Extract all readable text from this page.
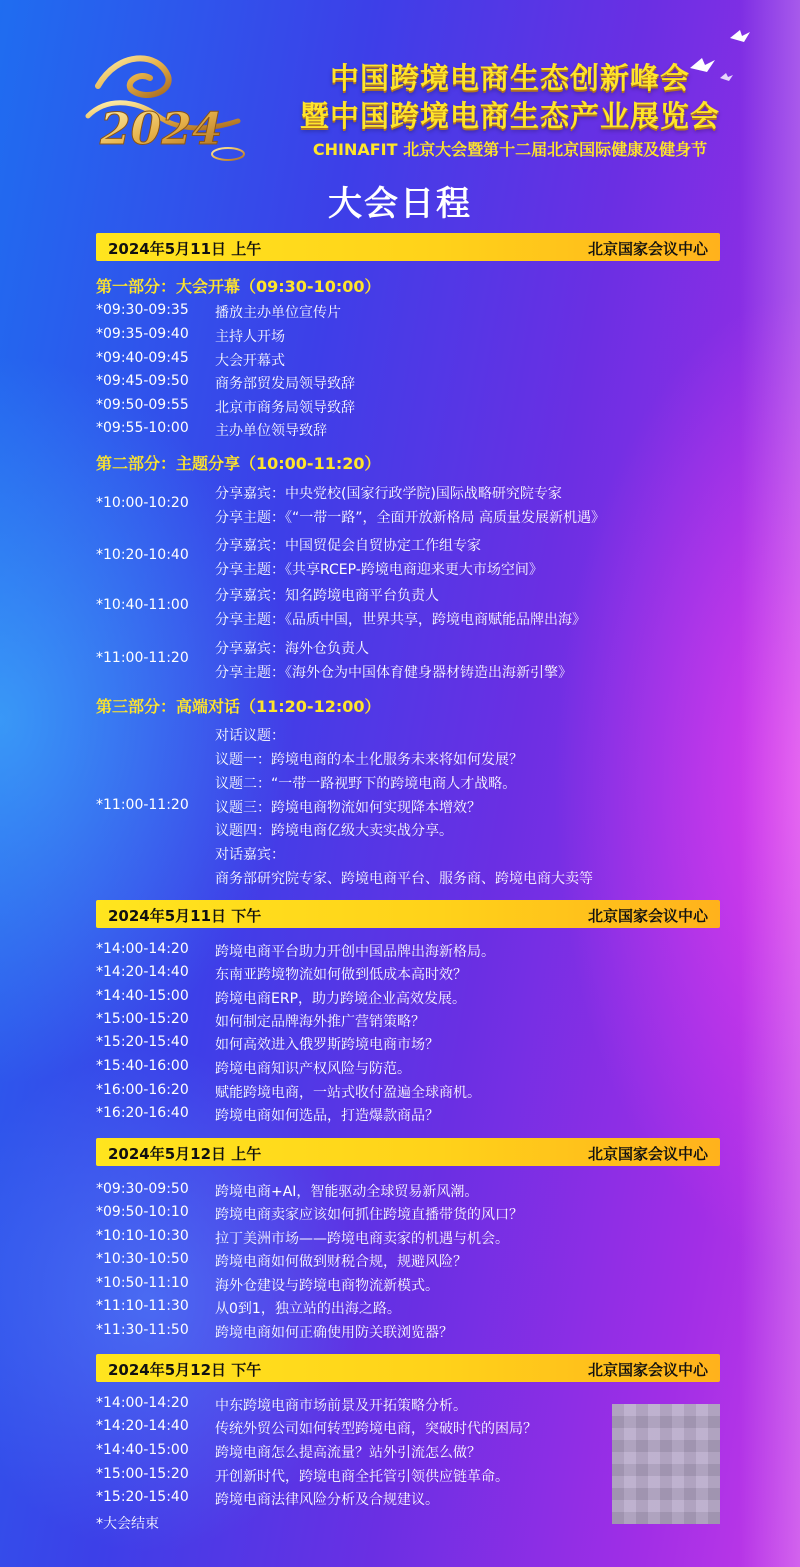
2024
中国跨境电商生态创新峰会
暨中国跨境电商生态产业展览会
CHINAFIT 北京大会暨第十二届北京国际健康及健身节
大会日程
2024年5月11日 上午	北京国家会议中心
第一部分：大会开幕（09:30-10:00）
*09:30-09:35 播放主办单位宣传片
*09:35-09:40 主持人开场
*09:40-09:45 大会开幕式
*09:45-09:50 商务部贸发局领导致辞
*09:50-09:55 北京市商务局领导致辞
*09:55-10:00 主办单位领导致辞
第二部分：主题分享（10:00-11:20）
*10:00-10:20
分享嘉宾：中央党校(国家行政学院)国际战略研究院专家
分享主题：《“一带一路”，全面开放新格局 高质量发展新机遇》
*10:20-10:40
分享嘉宾：中国贸促会自贸协定工作组专家
分享主题：《共享RCEP-跨境电商迎来更大市场空间》
*10:40-11:00
分享嘉宾：知名跨境电商平台负责人
分享主题：《品质中国，世界共享，跨境电商赋能品牌出海》
*11:00-11:20
分享嘉宾：海外仓负责人
分享主题：《海外仓为中国体育健身器材铸造出海新引擎》
第三部分：高端对话（11:20-12:00）
*11:00-11:20
对话议题：
议题一：跨境电商的本土化服务未来将如何发展？
议题二：“一带一路视野下的跨境电商人才战略。
议题三：跨境电商物流如何实现降本增效？
议题四：跨境电商亿级大卖实战分享。
对话嘉宾：
商务部研究院专家、跨境电商平台、服务商、跨境电商大卖等
2024年5月11日 下午	北京国家会议中心
*14:00-14:20 跨境电商平台助力开创中国品牌出海新格局。
*14:20-14:40 东南亚跨境物流如何做到低成本高时效？
*14:40-15:00 跨境电商ERP，助力跨境企业高效发展。
*15:00-15:20 如何制定品牌海外推广营销策略？
*15:20-15:40 如何高效进入俄罗斯跨境电商市场？
*15:40-16:00 跨境电商知识产权风险与防范。
*16:00-16:20 赋能跨境电商，一站式收付盈遍全球商机。
*16:20-16:40 跨境电商如何选品，打造爆款商品？
2024年5月12日 上午	北京国家会议中心
*09:30-09:50 跨境电商+AI，智能驱动全球贸易新风潮。
*09:50-10:10 跨境电商卖家应该如何抓住跨境直播带货的风口？
*10:10-10:30 拉丁美洲市场——跨境电商卖家的机遇与机会。
*10:30-10:50 跨境电商如何做到财税合规，规避风险？
*10:50-11:10 海外仓建设与跨境电商物流新模式。
*11:10-11:30 从0到1，独立站的出海之路。
*11:30-11:50 跨境电商如何正确使用防关联浏览器？
2024年5月12日 下午	北京国家会议中心
*14:00-14:20 中东跨境电商市场前景及开拓策略分析。
*14:20-14:40 传统外贸公司如何转型跨境电商，突破时代的困局？
*14:40-15:00 跨境电商怎么提高流量？站外引流怎么做？
*15:00-15:20 开创新时代，跨境电商全托管引领供应链革命。
*15:20-15:40 跨境电商法律风险分析及合规建议。
*大会结束
